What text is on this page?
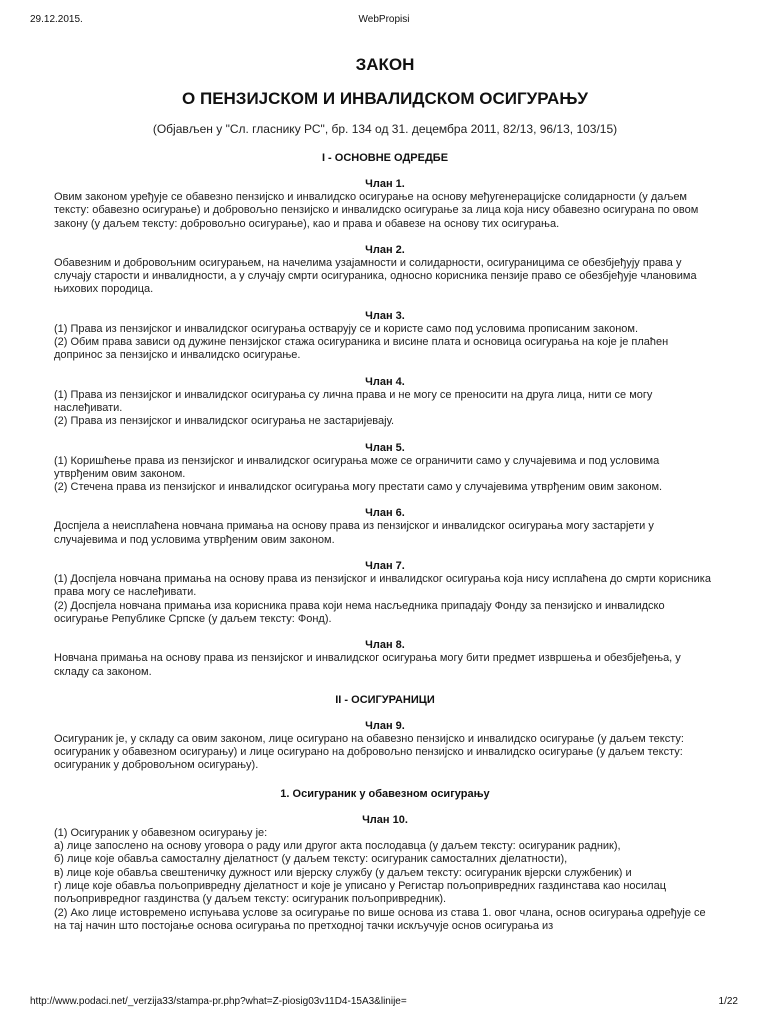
29.12.2015.	WebPropisi
ЗАКОН
О ПЕНЗИЈСКОМ И ИНВАЛИДСКОМ ОСИГУРАЊУ

(Објављен у "Сл. гласнику РС", бр. 134 од 31. децембра 2011, 82/13, 96/13, 103/15)

I - ОСНОВНЕ ОДРЕДБЕ
Члан 1.

Овим законом уређује се обавезно пензијско и инвалидско осигурање на основу међугенерацијске солидарности (у даљем тексту: обавезно осигурање) и добровољно пензијско и инвалидско осигурање за лица која нису обавезно осигурана по овом закону (у даљем тексту: добровољно осигурање), као и права и обавезе на основу тих осигурања.

Члан 2.

Обавезним и добровољним осигурањем, на начелима узајамности и солидарности, осигураницима се обезбјеђују права у случају старости и инвалидности, а у случају смрти осигураника, односно корисника пензије право се обезбјеђује члановима њихових породица.

Члан 3.

(1) Права из пензијског и инвалидског осигурања остварују се и користе само под условима прописаним законом.

(2) Обим права зависи од дужине пензијског стажа осигураника и висине плата и основица осигурања на које је плаћен допринос за пензијско и инвалидско осигурање.

Члан 4.

(1) Права из пензијског и инвалидског осигурања су лична права и не могу се преносити на друга лица, нити се могу наслеђивати.

(2) Права из пензијског и инвалидског осигурања не застаријевају.

Члан 5.

(1) Коришћење права из пензијског и инвалидског осигурања може се ограничити само у случајевима и под условима утврђеним овим законом.

(2) Стечена права из пензијског и инвалидског осигурања могу престати само у случајевима утврђеним овим законом.

Члан 6.

Доспјела а неисплаћена новчана примања на основу права из пензијског и инвалидског осигурања могу застарјети у случајевима и под условима утврђеним овим законом.

Члан 7.

(1) Доспјела новчана примања на основу права из пензијског и инвалидског осигурања која нису исплаћена до смрти корисника права могу се наслеђивати.

(2) Доспјела новчана примања иза корисника права који нема насљедника припадају Фонду за пензијско и инвалидско осигурање Републике Српске (у даљем тексту: Фонд).

Члан 8.

Новчана примања на основу права из пензијског и инвалидског осигурања могу бити предмет извршења и обезбјеђења, у складу са законом.

II - ОСИГУРАНИЦИ
Члан 9.

Осигураник је, у складу са овим законом, лице осигурано на обавезно пензијско и инвалидско осигурање (у даљем тексту: осигураник у обавезном осигурању) и лице осигурано на добровољно пензијско и инвалидско осигурање (у даљем тексту: осигураник у добровољном осигурању).

1. Осигураник у обавезном осигурању
Члан 10.

(1) Осигураник у обавезном осигурању је:

а) лице запослено на основу уговора о раду или другог акта послодавца (у даљем тексту: осигураник радник),

б) лице које обавља самосталну дјелатност (у даљем тексту: осигураник самосталних дјелатности),

в) лице које обавља свештеничку дужност или вјерску службу (у даљем тексту: осигураник вјерски службеник) и

г) лице које обавља пољопривредну дјелатност и које је уписано у Регистар пољопривредних газдинстава као носилац пољопривредног газдинства (у даљем тексту: осигураник пољопривредник).

(2) Ако лице истовремено испуњава услове за осигурање по више основа из става 1. овог члана, основ осигурања одређује се на тај начин што постојање основа осигурања по претходној тачки искључује основ осигурања из

http://www.podaci.net/_verzija33/stampa-pr.php?what=Z-piosig03v11D4-15A3&linije=	1/22
